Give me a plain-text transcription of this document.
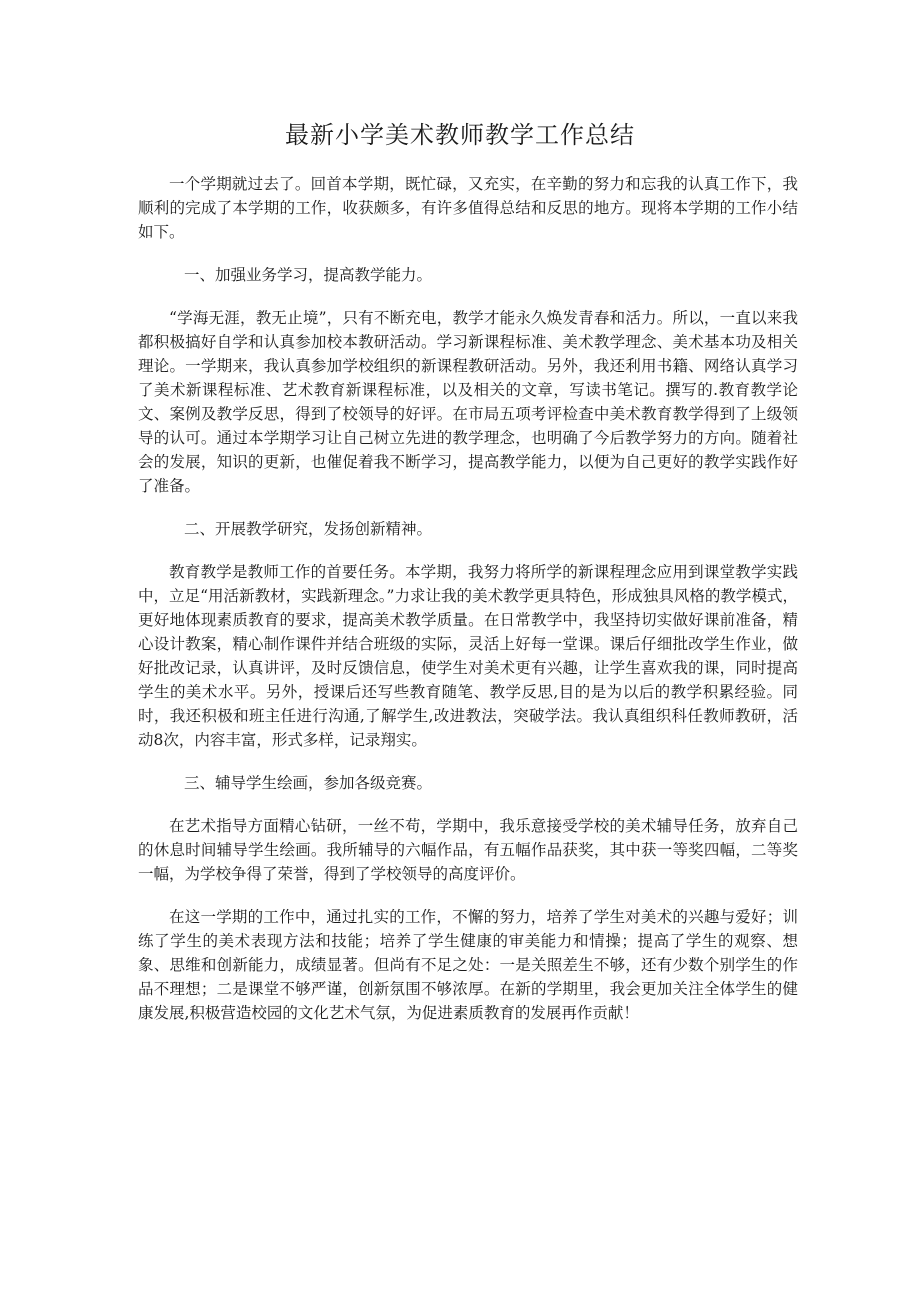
最新小学美术教师教学工作总结

一个学期就过去了。回首本学期，既忙碌，又充实，在辛勤的努力和忘我的认真工作下，我顺利的完成了本学期的工作，收获颇多，有许多值得总结和反思的地方。现将本学期的工作小结如下。

一、加强业务学习，提高教学能力。

“学海无涯，教无止境”，只有不断充电，教学才能永久焕发青春和活力。所以，一直以来我都积极搞好自学和认真参加校本教研活动。学习新课程标准、美术教学理念、美术基本功及相关理论。一学期来，我认真参加学校组织的新课程教研活动。另外，我还利用书籍、网络认真学习了美术新课程标准、艺术教育新课程标准，以及相关的文章，写读书笔记。撰写的.教育教学论文、案例及教学反思，得到了校领导的好评。在市局五项考评检查中美术教育教学得到了上级领导的认可。通过本学期学习让自己树立先进的教学理念，也明确了今后教学努力的方向。随着社会的发展，知识的更新，也催促着我不断学习，提高教学能力，以便为自己更好的教学实践作好了准备。

二、开展教学研究，发扬创新精神。

教育教学是教师工作的首要任务。本学期，我努力将所学的新课程理念应用到课堂教学实践中，立足“用活新教材，实践新理念。”力求让我的美术教学更具特色，形成独具风格的教学模式，更好地体现素质教育的要求，提高美术教学质量。在日常教学中，我坚持切实做好课前准备，精心设计教案，精心制作课件并结合班级的实际，灵活上好每一堂课。课后仔细批改学生作业，做好批改记录，认真讲评，及时反馈信息，使学生对美术更有兴趣，让学生喜欢我的课，同时提高学生的美术水平。另外，授课后还写些教育随笔、教学反思,目的是为以后的教学积累经验。同时，我还积极和班主任进行沟通,了解学生,改进教法，突破学法。我认真组织科任教师教研，活动8次，内容丰富，形式多样，记录翔实。

三、辅导学生绘画，参加各级竞赛。

在艺术指导方面精心钻研，一丝不苟，学期中，我乐意接受学校的美术辅导任务，放弃自己的休息时间辅导学生绘画。我所辅导的六幅作品，有五幅作品获奖，其中获一等奖四幅，二等奖一幅，为学校争得了荣誉，得到了学校领导的高度评价。

在这一学期的工作中，通过扎实的工作，不懈的努力，培养了学生对美术的兴趣与爱好；训练了学生的美术表现方法和技能；培养了学生健康的审美能力和情操；提高了学生的观察、想象、思维和创新能力，成绩显著。但尚有不足之处：一是关照差生不够，还有少数个别学生的作品不理想；二是课堂不够严谨，创新氛围不够浓厚。在新的学期里，我会更加关注全体学生的健康发展,积极营造校园的文化艺术气氛，为促进素质教育的发展再作贡献！
